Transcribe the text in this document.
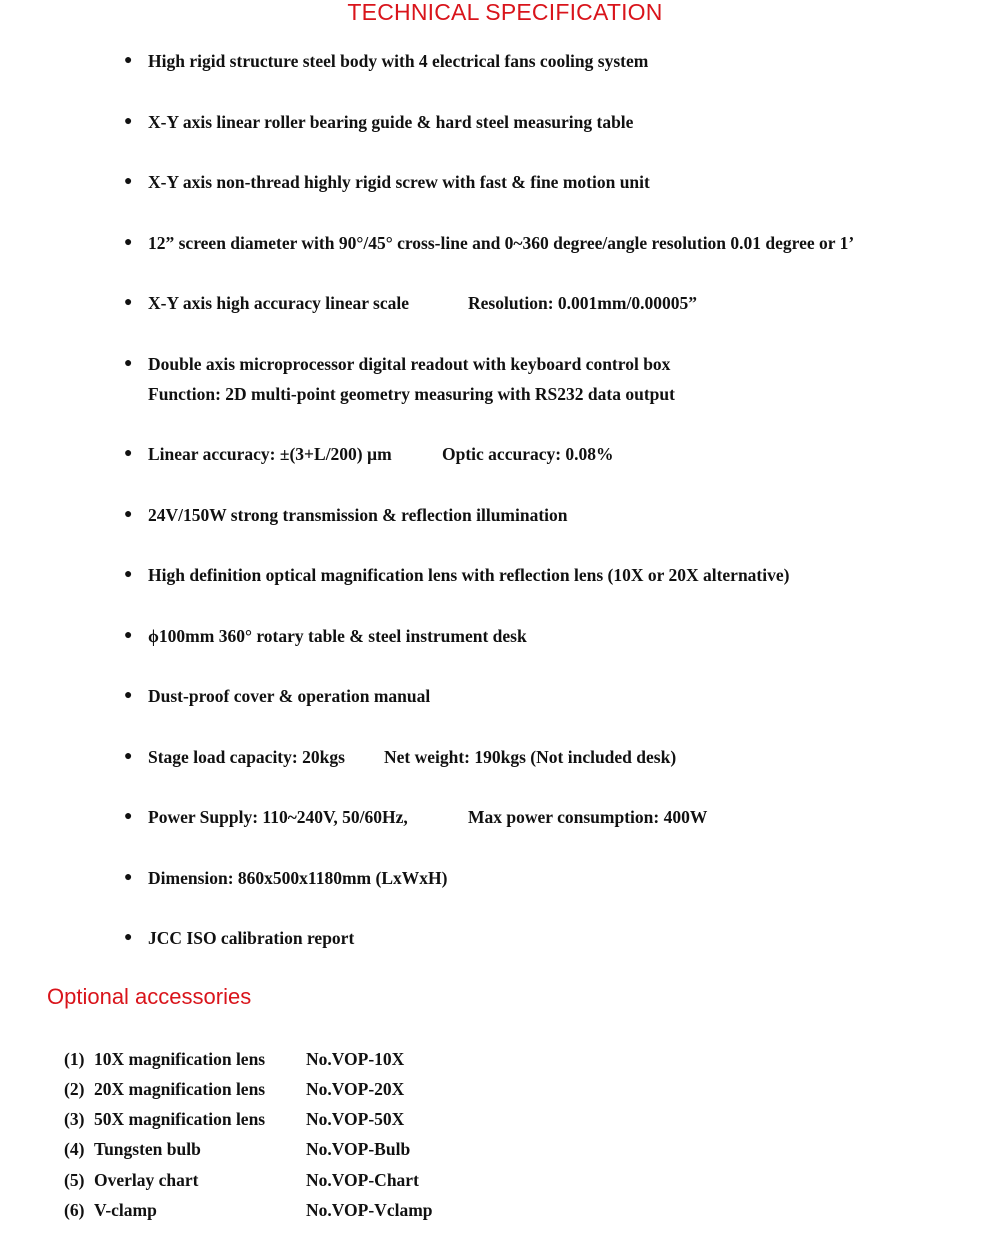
TECHNICAL SPECIFICATION
● High rigid structure steel body with 4 electrical fans cooling system
● X-Y axis linear roller bearing guide & hard steel measuring table
● X-Y axis non-thread highly rigid screw with fast & fine motion unit
● 12” screen diameter with 90°/45° cross-line and 0~360 degree/angle resolution 0.01 degree or 1’
● X-Y axis high accuracy linear scale	Resolution: 0.001mm/0.00005”
● Double axis microprocessor digital readout with keyboard control box
Function: 2D multi-point geometry measuring with RS232 data output
● Linear accuracy: ±(3+L/200) µm	Optic accuracy: 0.08%
● 24V/150W strong transmission & reflection illumination
● High definition optical magnification lens with reflection lens (10X or 20X alternative)
● ϕ100mm 360° rotary table & steel instrument desk
● Dust-proof cover & operation manual
● Stage load capacity: 20kgs Net weight: 190kgs (Not included desk)
● Power Supply: 110~240V, 50/60Hz,	Max power consumption: 400W
● Dimension: 860x500x1180mm (LxWxH)
● JCC ISO calibration report
Optional accessories
(1) 10X magnification lens No.VOP-10X
(2) 20X magnification lens No.VOP-20X
(3) 50X magnification lens No.VOP-50X
(4) Tungsten bulb	No.VOP-Bulb
(5) Overlay chart	No.VOP-Chart
(6) V-clamp	No.VOP-Vclamp
